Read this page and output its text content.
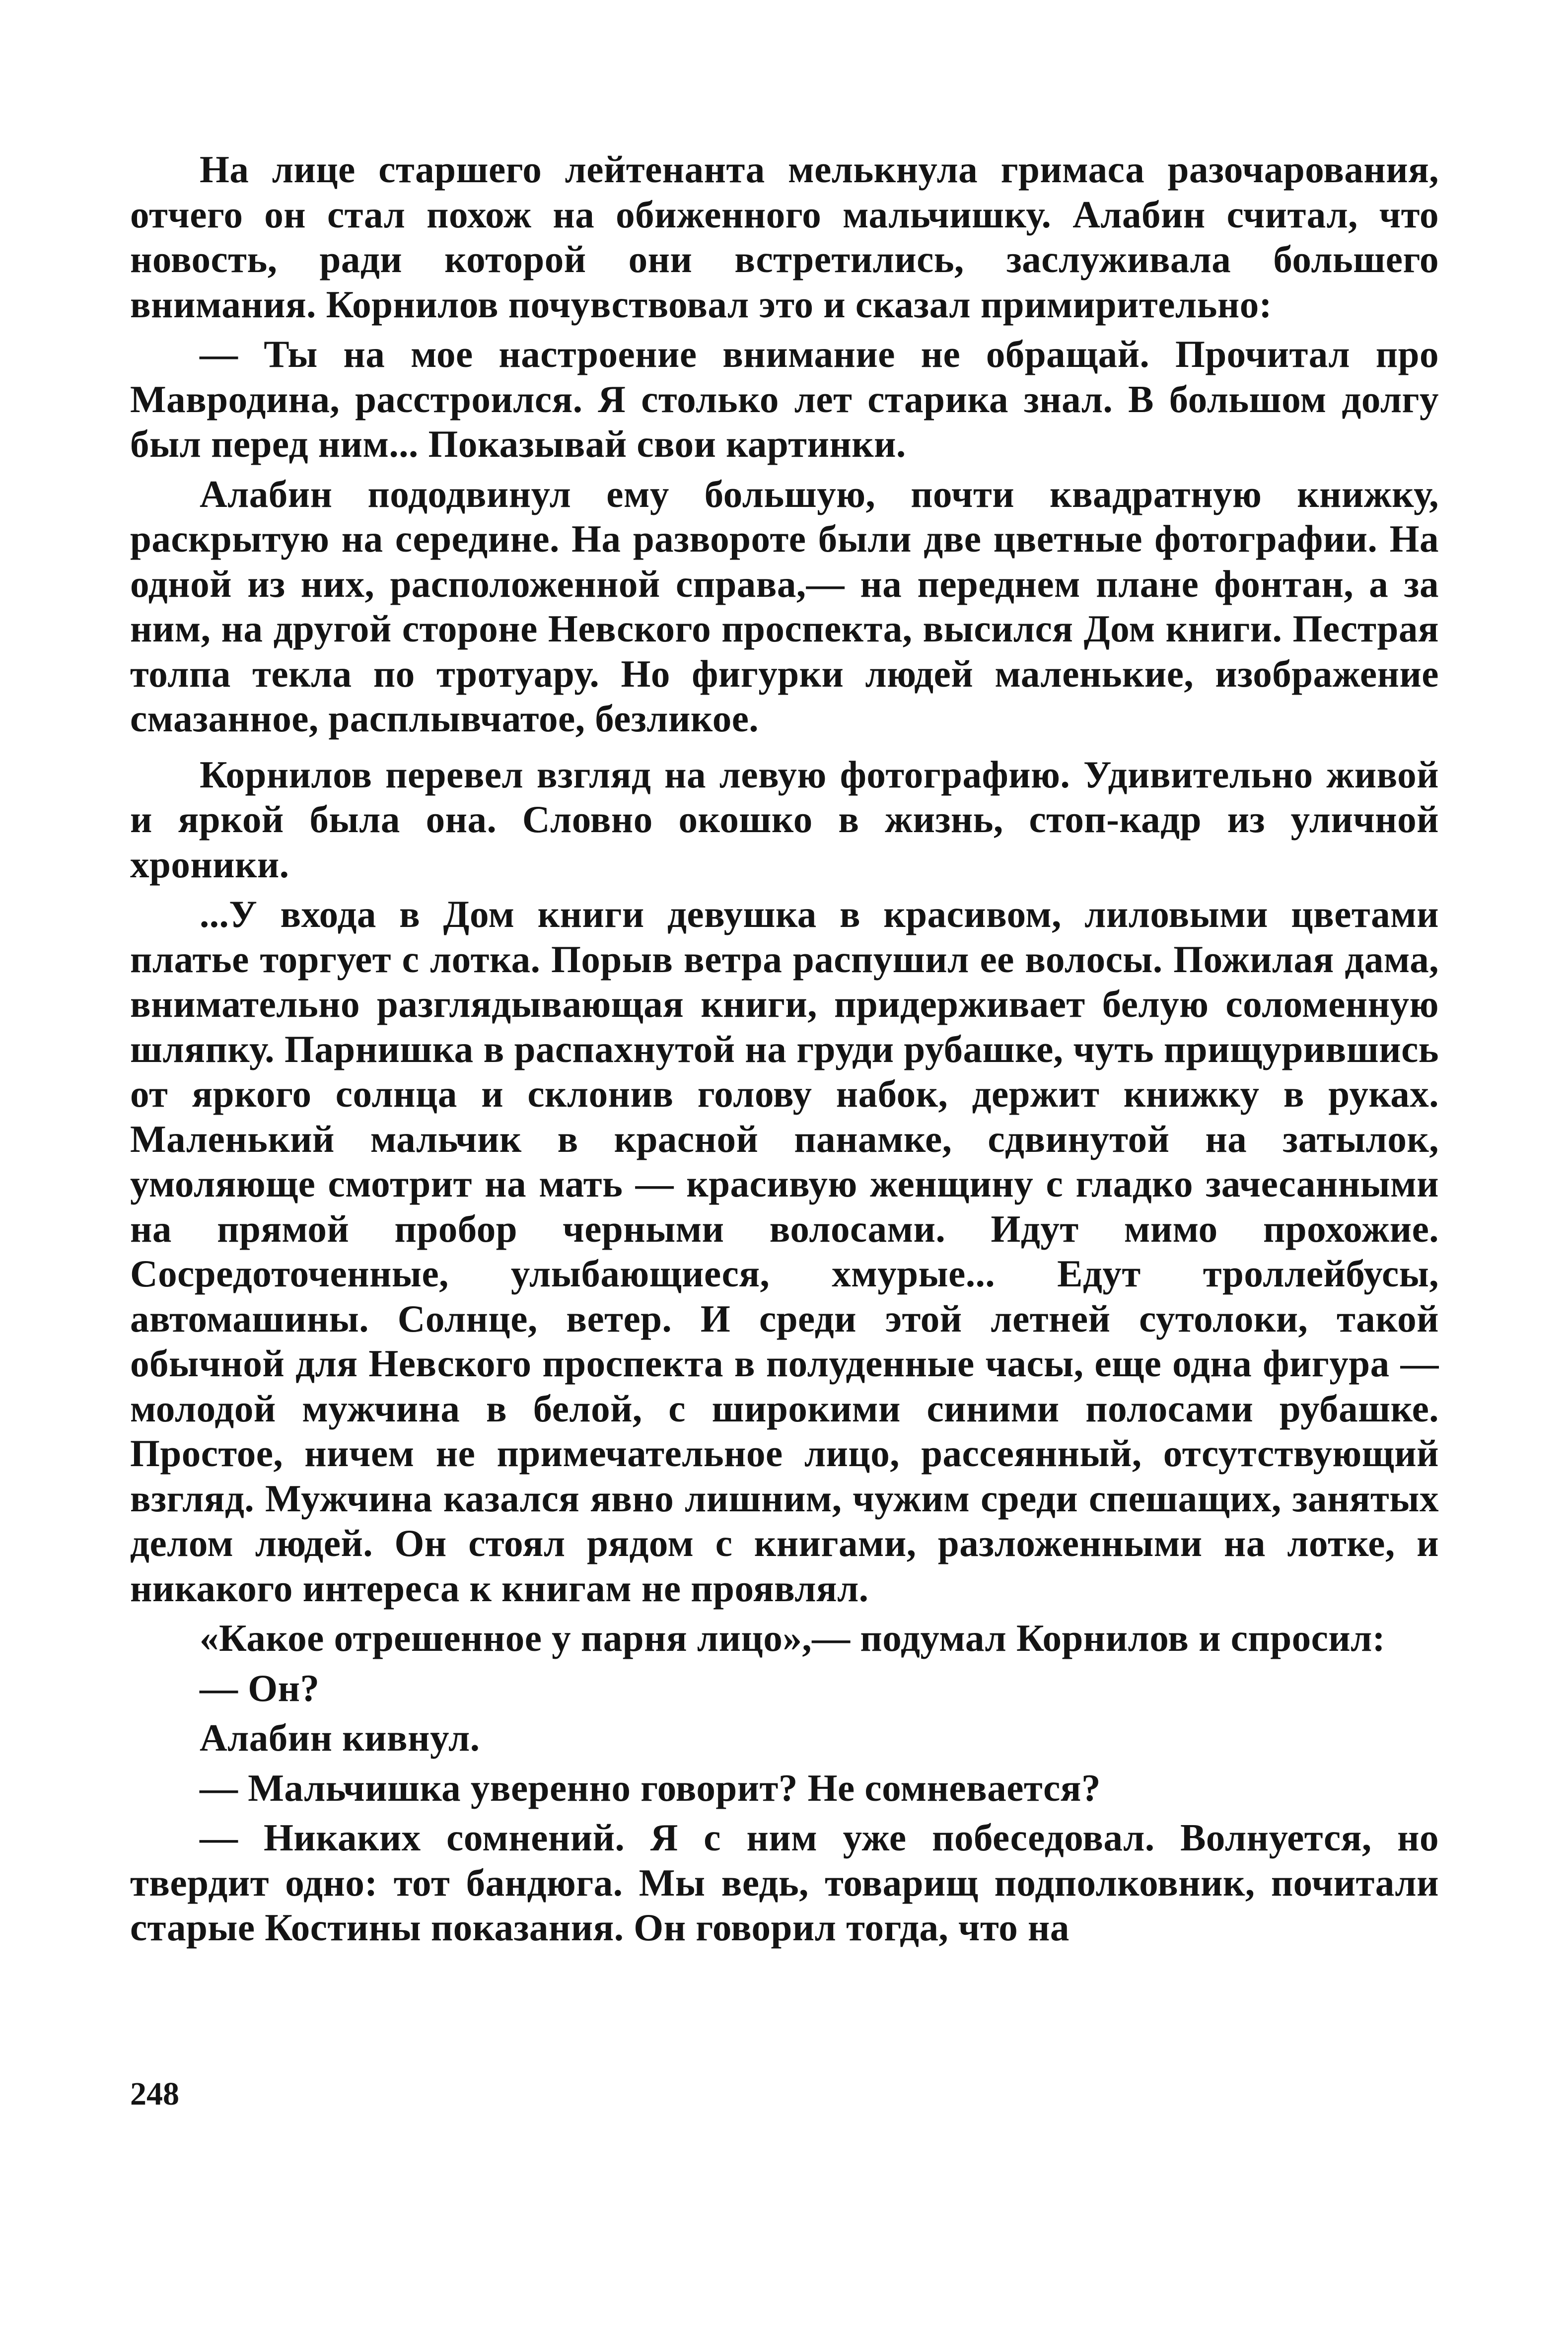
На лице старшего лейтенанта мелькнула гримаса разочарования, отчего он стал похож на обиженного мальчишку. Алабин считал, что новость, ради которой они встретились, заслуживала большего внимания. Корнилов почувствовал это и сказал примирительно:

— Ты на мое настроение внимание не обращай. Прочитал про Мавродина, расстроился. Я столько лет старика знал. В большом долгу был перед ним... Показывай свои картинки.

Алабин пододвинул ему большую, почти квадратную книжку, раскрытую на середине. На развороте были две цветные фотографии. На одной из них, расположенной справа,— на переднем плане фонтан, а за ним, на другой стороне Невского проспекта, высился Дом книги. Пестрая толпа текла по тротуару. Но фигурки людей маленькие, изображение смазанное, расплывчатое, безликое.

Корнилов перевел взгляд на левую фотографию. Удивительно живой и яркой была она. Словно окошко в жизнь, стоп-кадр из уличной хроники.

...У входа в Дом книги девушка в красивом, лиловыми цветами платье торгует с лотка. Порыв ветра распушил ее волосы. Пожилая дама, внимательно разглядывающая книги, придерживает белую соломенную шляпку. Парнишка в распахнутой на груди рубашке, чуть прищурившись от яркого солнца и склонив голову набок, держит книжку в руках. Маленький мальчик в красной панамке, сдвинутой на затылок, умоляюще смотрит на мать — красивую женщину с гладко зачесанными на прямой пробор черными волосами. Идут мимо прохожие. Сосредоточенные, улыбающиеся, хмурые... Едут троллейбусы, автомашины. Солнце, ветер. И среди этой летней сутолоки, такой обычной для Невского проспекта в полуденные часы, еще одна фигура — молодой мужчина в белой, с широкими синими полосами рубашке. Простое, ничем не примечательное лицо, рассеянный, отсутствующий взгляд. Мужчина казался явно лишним, чужим среди спешащих, занятых делом людей. Он стоял рядом с книгами, разложенными на лотке, и никакого интереса к книгам не проявлял.

«Какое отрешенное у парня лицо»,— подумал Корнилов и спросил:

— Он?

Алабин кивнул.

— Мальчишка уверенно говорит? Не сомневается?

— Никаких сомнений. Я с ним уже побеседовал. Волнуется, но твердит одно: тот бандюга. Мы ведь, товарищ подполковник, почитали старые Костины показания. Он говорил тогда, что на

248
